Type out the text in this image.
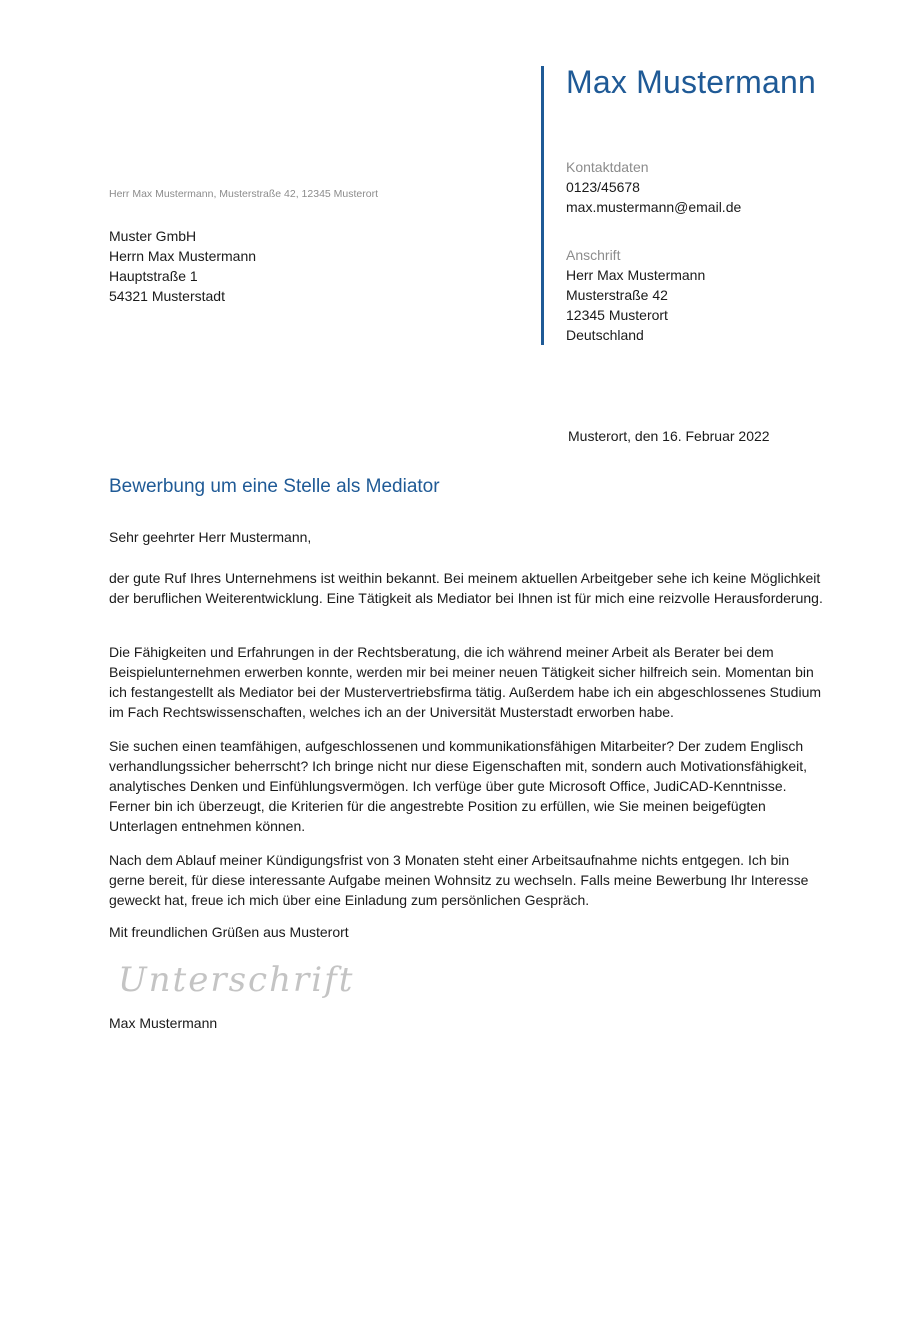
Max Mustermann
Kontaktdaten
0123/45678
max.mustermann@email.de
Anschrift
Herr Max Mustermann
Musterstraße 42
12345 Musterort
Deutschland
Herr Max Mustermann, Musterstraße 42, 12345 Musterort
Muster GmbH
Herrn Max Mustermann
Hauptstraße 1
54321 Musterstadt
Musterort, den 16. Februar 2022
Bewerbung um eine Stelle als Mediator
Sehr geehrter Herr Mustermann,
der gute Ruf Ihres Unternehmens ist weithin bekannt. Bei meinem aktuellen Arbeitgeber sehe ich keine Möglichkeit der beruflichen Weiterentwicklung. Eine Tätigkeit als Mediator bei Ihnen ist für mich eine reizvolle Herausforderung.
Die Fähigkeiten und Erfahrungen in der Rechtsberatung, die ich während meiner Arbeit als Berater bei dem Beispielunternehmen erwerben konnte, werden mir bei meiner neuen Tätigkeit sicher hilfreich sein. Momentan bin ich festangestellt als Mediator bei der Mustervertriebsfirma tätig. Außerdem habe ich ein abgeschlossenes Studium im Fach Rechtswissenschaften, welches ich an der Universität Musterstadt erworben habe.
Sie suchen einen teamfähigen, aufgeschlossenen und kommunikationsfähigen Mitarbeiter? Der zudem Englisch verhandlungssicher beherrscht? Ich bringe nicht nur diese Eigenschaften mit, sondern auch Motivationsfähigkeit, analytisches Denken und Einfühlungsvermögen. Ich verfüge über gute Microsoft Office, JudiCAD-Kenntnisse. Ferner bin ich überzeugt, die Kriterien für die angestrebte Position zu erfüllen, wie Sie meinen beigefügten Unterlagen entnehmen können.
Nach dem Ablauf meiner Kündigungsfrist von 3 Monaten steht einer Arbeitsaufnahme nichts entgegen. Ich bin gerne bereit, für diese interessante Aufgabe meinen Wohnsitz zu wechseln. Falls meine Bewerbung Ihr Interesse geweckt hat, freue ich mich über eine Einladung zum persönlichen Gespräch.
Mit freundlichen Grüßen aus Musterort
Unterschrift
Max Mustermann
